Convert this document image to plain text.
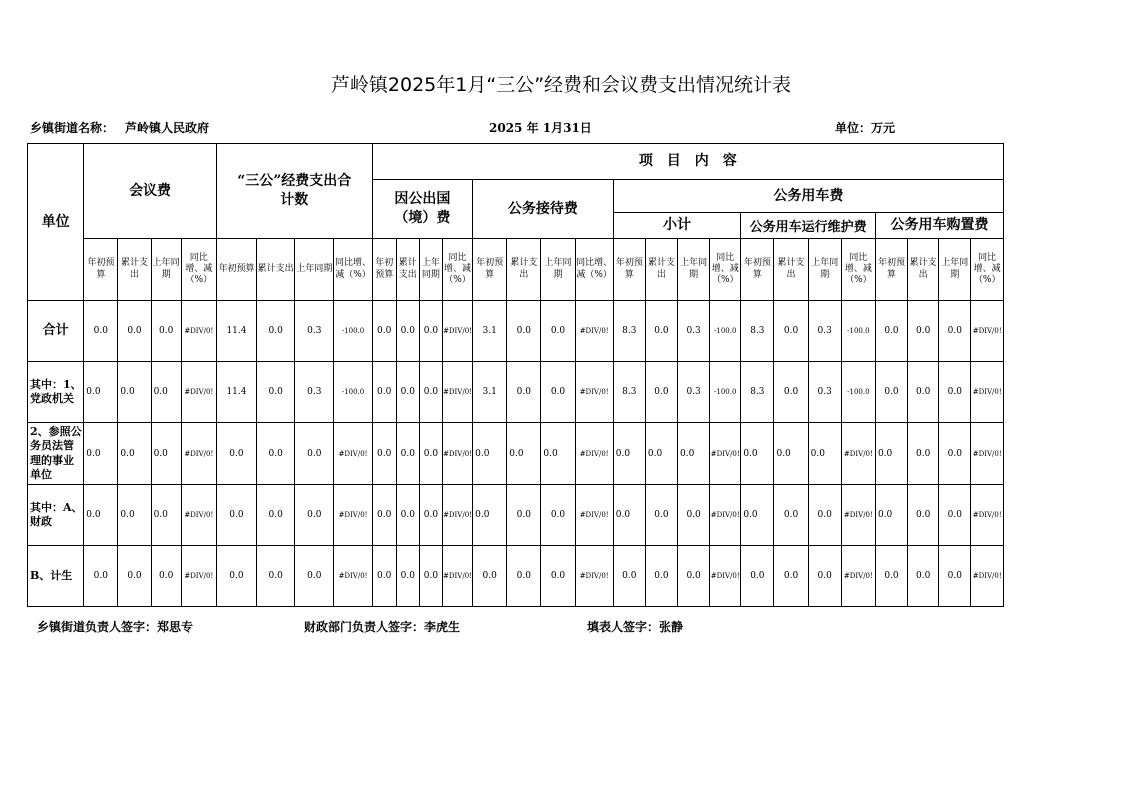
芦岭镇2025年1月“三公”经费和会议费支出情况统计表
乡镇街道名称： 芦岭镇人民政府	2025 年 1月31日	单位：万元
单位	会议费				“三公”经费支出合计数				项　目　内　容																			
									因公出国（境）费				公务接待费				公务用车费											
																	小计				公务用车运行维护费				公务用车购置费			
	年初预算	累计支出	上年同期	同比增、减（%）	年初预算	累计支出	上年同期	同比增、减（%）	年初预算	累计支出	上年同期	同比增、减（%）	年初预算	累计支出	上年同期	同比增、减（%）	年初预算	累计支出	上年同期	同比增、减（%）	年初预算	累计支出	上年同期	同比增、减（%）	年初预算	累计支出	上年同期	同比增、减（%）
合计	0.0	0.0	0.0	#DIV/0!	11.4	0.0	0.3	-100.0	0.0	0.0	0.0	#DIV/0!	3.1	0.0	0.0	#DIV/0!	8.3	0.0	0.3	-100.0	8.3	0.0	0.3	-100.0	0.0	0.0	0.0	#DIV/0!
其中：1、党政机关	0.0	0.0	0.0	#DIV/0!	11.4	0.0	0.3	-100.0	0.0	0.0	0.0	#DIV/0!	3.1	0.0	0.0	#DIV/0!	8.3	0.0	0.3	-100.0	8.3	0.0	0.3	-100.0	0.0	0.0	0.0	#DIV/0!
2、参照公务员法管理的事业单位	0.0	0.0	0.0	#DIV/0!	0.0	0.0	0.0	#DIV/0!	0.0	0.0	0.0	#DIV/0!	0.0	0.0	0.0	#DIV/0!	0.0	0.0	0.0	#DIV/0!	0.0	0.0	0.0	#DIV/0!	0.0	0.0	0.0	#DIV/0!
其中：A、财政	0.0	0.0	0.0	#DIV/0!	0.0	0.0	0.0	#DIV/0!	0.0	0.0	0.0	#DIV/0!	0.0	0.0	0.0	#DIV/0!	0.0	0.0	0.0	#DIV/0!	0.0	0.0	0.0	#DIV/0!	0.0	0.0	0.0	#DIV/0!
B、计生	0.0	0.0	0.0	#DIV/0!	0.0	0.0	0.0	#DIV/0!	0.0	0.0	0.0	#DIV/0!	0.0	0.0	0.0	#DIV/0!	0.0	0.0	0.0	#DIV/0!	0.0	0.0	0.0	#DIV/0!	0.0	0.0	0.0	#DIV/0!
乡镇街道负责人签字：郑思专	财政部门负责人签字：李虎生	填表人签字：张静
